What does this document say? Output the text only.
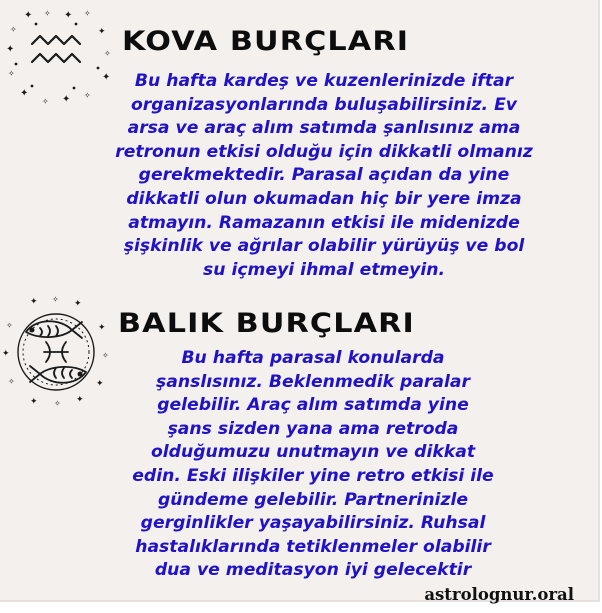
✦ ✧ ✦ ✧
✧	✦
✦	✧
✧	✦
✦
✧ ✦ ✧
KOVA BURÇLARI

Bu hafta kardeş ve kuzenlerinizde iftar
organizasyonlarında buluşabilirsiniz. Ev
arsa ve araç alım satımda şanlısınız ama
retronun etkisi olduğu için dikkatli olmanız
gerekmektedir. Parasal açıdan da yine
dikkatli olun okumadan hiç bir yere imza
atmayın. Ramazanın etkisi ile midenizde
şişkinlik ve ağrılar olabilir yürüyüş ve bol
su içmeyi ihmal etmeyin.

✦ ✧ ✦
✧	✦
✦	✧
✧	✦
✦ ✧ ✦
BALIK BURÇLARI

Bu hafta parasal konularda
şanslısınız. Beklenmedik paralar
gelebilir. Araç alım satımda yine
şans sizden yana ama retroda
olduğumuzu unutmayın ve dikkat
edin. Eski ilişkiler yine retro etkisi ile
gündeme gelebilir. Partnerinizle
gerginlikler yaşayabilirsiniz. Ruhsal
hastalıklarında tetiklenmeler olabilir
dua ve meditasyon iyi gelecektir

astrolognur.oral
